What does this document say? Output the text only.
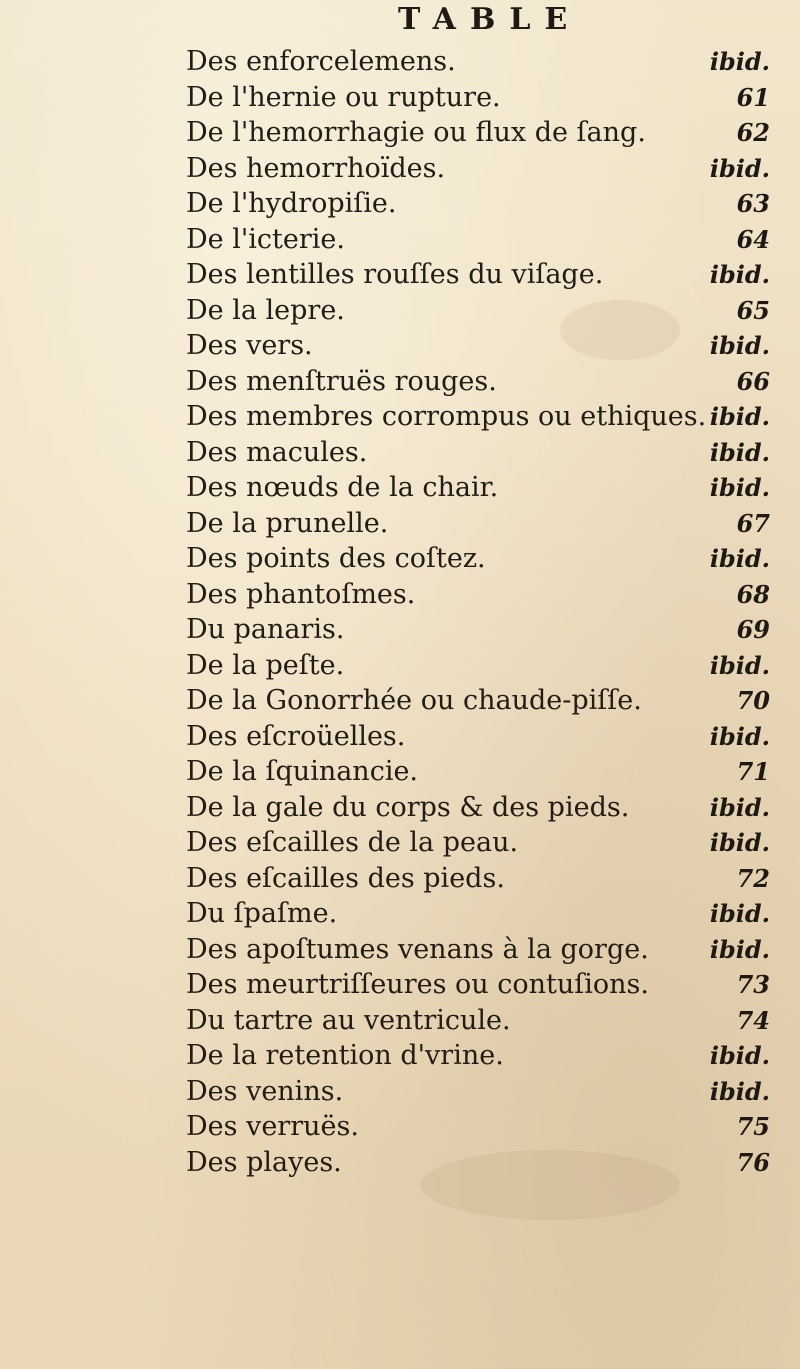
TABLE
Des enforcelemens.	ibid.
De l'hernie ou rupture.	61
De l'hemorrhagie ou flux de ſang.	62
Des hemorrhoïdes.	ibid.
De l'hydropiſie.	63
De l'icterie.	64
Des lentilles rouſſes du viſage.	ibid.
De la lepre.	65
Des vers.	ibid.
Des menſtruës rouges.	66
Des membres corrompus ou ethiques. ibid.
Des macules.	ibid.
Des nœuds de la chair.	ibid.
De la prunelle.	67
Des points des coſtez.	ibid.
Des phantoſmes.	68
Du panaris.	69
De la peſte.	ibid.
De la Gonorrhée ou chaude-piſſe.	70
Des eſcroüelles.	ibid.
De la ſquinancie.	71
De la gale du corps & des pieds.	ibid.
Des eſcailles de la peau.	ibid.
Des eſcailles des pieds.	72
Du ſpaſme.	ibid.
Des apoſtumes venans à la gorge.	ibid.
Des meurtriſſeures ou contuſions.	73
Du tartre au ventricule.	74
De la retention d'vrine.	ibid.
Des venins.	ibid.
Des verruës.	75
Des playes.	76
